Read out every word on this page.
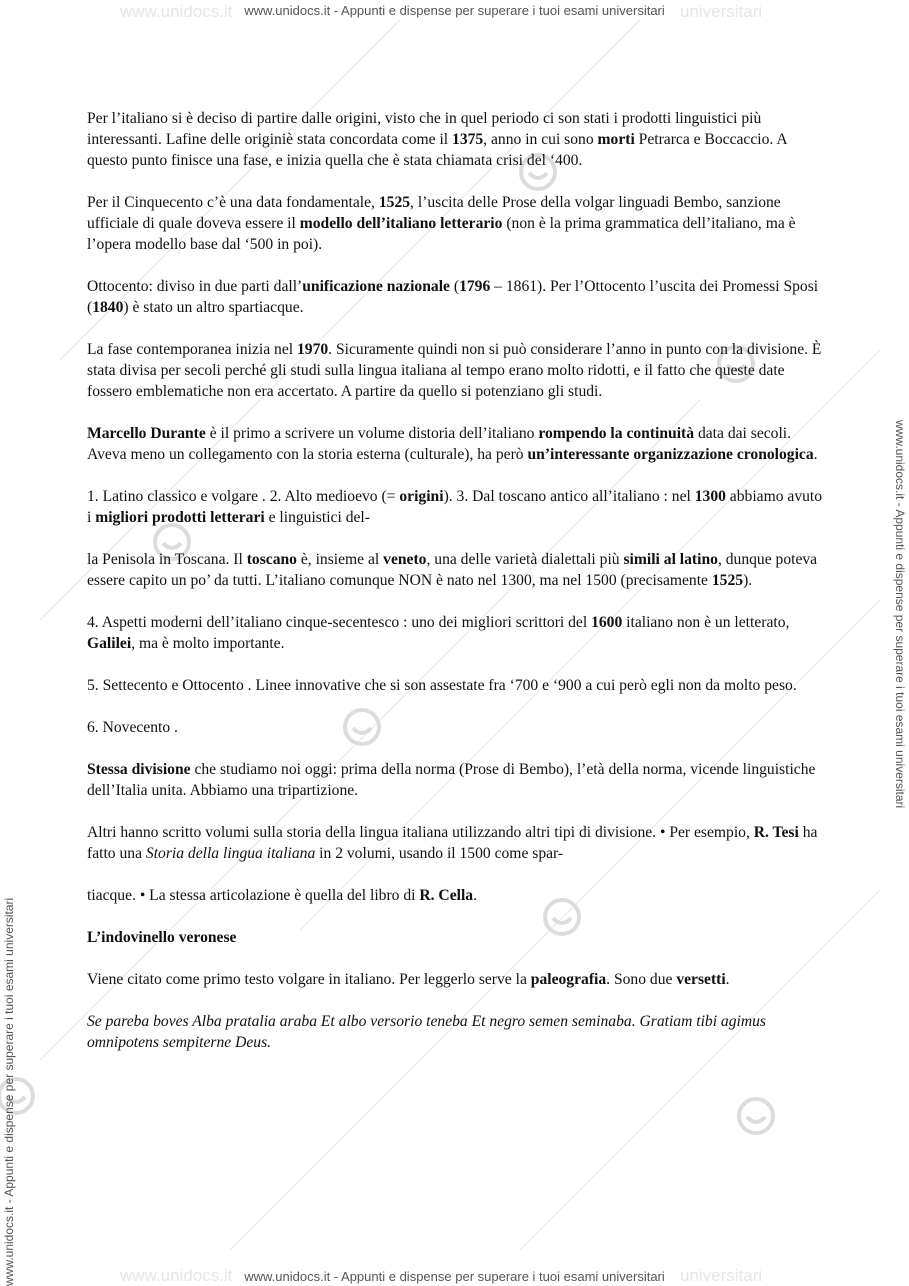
www.unidocs.it	universitari
www.unidocs.it - Appunti e dispense per superare i tuoi esami universitari
www.unidocs.it	universitari
www.unidocs.it - Appunti e dispense per superare i tuoi esami universitari
www.unidocs.it - Appunti e dispense per superare i tuoi esami universitari
www.unidocs.it - Appunti e dispense per superare i tuoi esami universitari

Per l’italiano si è deciso di partire dalle origini, visto che in quel periodo ci son stati i prodotti linguistici più interessanti. Lafine delle originiè stata concordata come il 1375, anno in cui sono morti Petrarca e Boccaccio. A questo punto finisce una fase, e inizia quella che è stata chiamata crisi del ‘400.

Per il Cinquecento c’è una data fondamentale, 1525, l’uscita delle Prose della volgar linguadi Bembo, sanzione ufficiale di quale doveva essere il modello dell’italiano letterario (non è la prima grammatica dell’italiano, ma è l’opera modello base dal ‘500 in poi).

Ottocento: diviso in due parti dall’unificazione nazionale (1796 – 1861). Per l’Ottocento l’uscita dei Promessi Sposi (1840) è stato un altro spartiacque.

La fase contemporanea inizia nel 1970. Sicuramente quindi non si può considerare l’anno in punto con la divisione. È stata divisa per secoli perché gli studi sulla lingua italiana al tempo erano molto ridotti, e il fatto che queste date fossero emblematiche non era accertato. A partire da quello si potenziano gli studi.

Marcello Durante è il primo a scrivere un volume distoria dell’italiano rompendo la continuità data dai secoli. Aveva meno un collegamento con la storia esterna (culturale), ha però un’interessante organizzazione cronologica.

1. Latino classico e volgare . 2. Alto medioevo (= origini). 3. Dal toscano antico all’italiano : nel 1300 abbiamo avuto i migliori prodotti letterari e linguistici del-

la Penisola in Toscana. Il toscano è, insieme al veneto, una delle varietà dialettali più simili al latino, dunque poteva essere capito un po’ da tutti. L’italiano comunque NON è nato nel 1300, ma nel 1500 (precisamente 1525).

4. Aspetti moderni dell’italiano cinque-secentesco : uno dei migliori scrittori del 1600 italiano non è un letterato, Galilei, ma è molto importante.

5. Settecento e Ottocento . Linee innovative che si son assestate fra ‘700 e ‘900 a cui però egli non da molto peso.

6. Novecento .

Stessa divisione che studiamo noi oggi: prima della norma (Prose di Bembo), l’età della norma, vicende linguistiche dell’Italia unita. Abbiamo una tripartizione.

Altri hanno scritto volumi sulla storia della lingua italiana utilizzando altri tipi di divisione. • Per esempio, R. Tesi ha fatto una Storia della lingua italiana in 2 volumi, usando il 1500 come spar-

tiacque. • La stessa articolazione è quella del libro di R. Cella.

L’indovinello veronese

Viene citato come primo testo volgare in italiano. Per leggerlo serve la paleografia. Sono due versetti.

Se pareba boves Alba pratalia araba Et albo versorio teneba Et negro semen seminaba. Gratiam tibi agimus omnipotens sempiterne Deus.
